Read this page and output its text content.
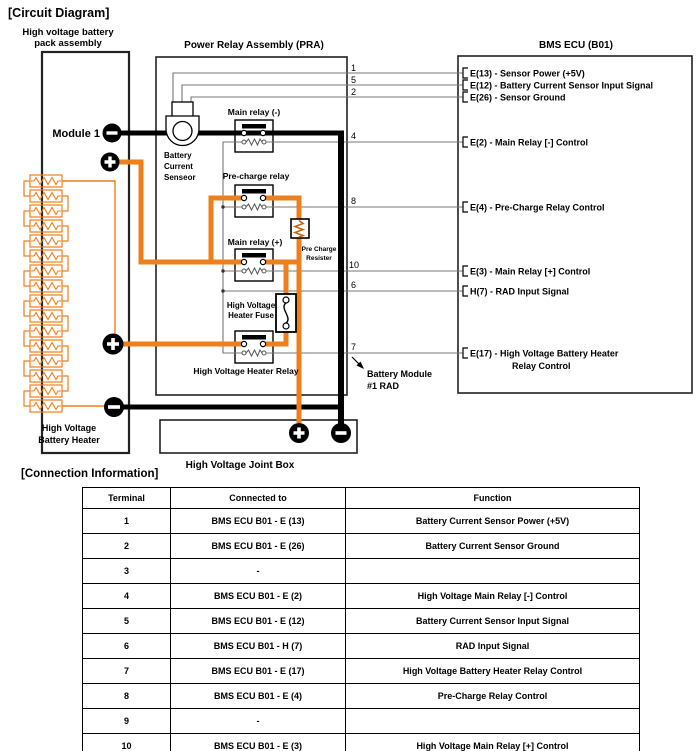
[Circuit Diagram]
High voltage battery
pack assembly
Module 1
High Voltage
Battery Heater
Power Relay Assembly (PRA)
Battery
Current
Senseor
Main relay (-)
Pre-charge relay
Main relay (+)
Pre Charge
Resister
High Voltage
Heater Fuse
High Voltage Heater Relay
1
5
2
4
8
10
6
7
BMS ECU (B01)
E(13) - Sensor Power (+5V)
E(12) - Battery Current Sensor Input Signal
E(26) - Sensor Ground
E(2) - Main Relay [-] Control
E(4) - Pre-Charge Relay Control
E(3) - Main Relay [+] Control
H(7) - RAD Input Signal
E(17) - High Voltage Battery Heater
Relay Control
Battery Module
#1 RAD
High Voltage Joint Box
[Connection Information]
Terminal	Connected to	Function
1	BMS ECU B01 - E (13)	Battery Current Sensor Power (+5V)
2	BMS ECU B01 - E (26)	Battery Current Sensor Ground
3	-	
4	BMS ECU B01 - E (2)	High Voltage Main Relay [-] Control
5	BMS ECU B01 - E (12)	Battery Current Sensor Input Signal
6	BMS ECU B01 - H (7)	RAD Input Signal
7	BMS ECU B01 - E (17)	High Voltage Battery Heater Relay Control
8	BMS ECU B01 - E (4)	Pre-Charge Relay Control
9	-	
10	BMS ECU B01 - E (3)	High Voltage Main Relay [+] Control
